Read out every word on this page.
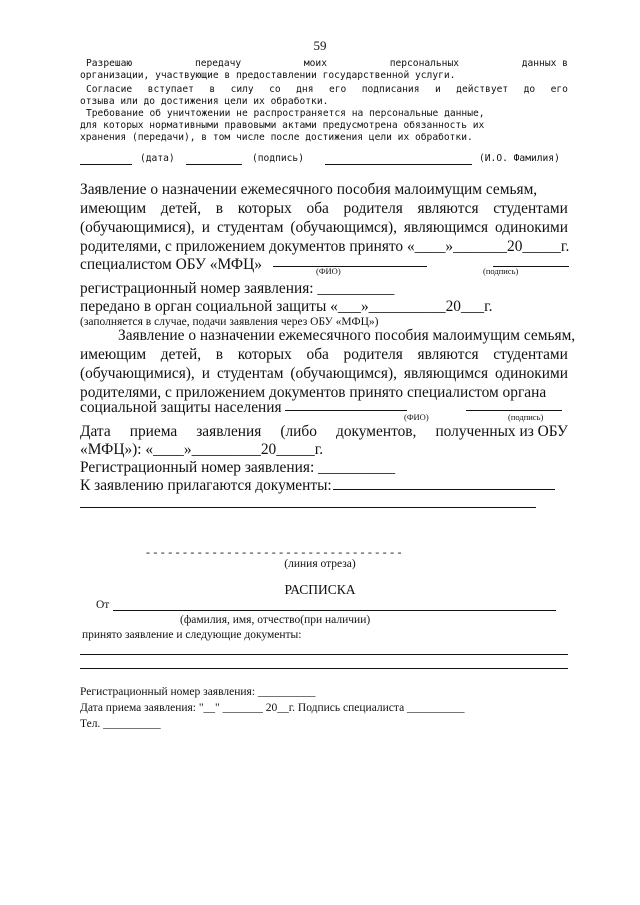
59
Разрешаю	передачу	моих	персональных	данных в
организации, участвующие в предоставлении государственной услуги.
Согласие вступает в силу со дня его подписания и действует до его
отзыва или до достижения цели их обработки.
Требование об уничтожении не распространяется на персональные данные,
для которых нормативными правовыми актами предусмотрена обязанность их
хранения (передачи), в том числе после достижения цели их обработки.
(дата)	(подпись)	(И.О. Фамилия)
Заявление о назначении ежемесячного пособия малоимущим семьям,
имеющим детей, в которых оба родителя являются студентами
(обучающимися), и студентам (обучающимся), являющимся одинокими
родителями, с приложением документов принято «____»_______20_____г.
специалистом ОБУ «МФЦ»	(ФИО)	(подпись)
регистрационный номер заявления: __________
передано в орган социальной защиты «___»__________20___г.
(заполняется в случае, подачи заявления через ОБУ «МФЦ»)
Заявление о назначении ежемесячного пособия малоимущим семьям,
имеющим детей, в которых оба родителя являются студентами
(обучающимися), и студентам (обучающимся), являющимся одинокими
родителями, с приложением документов принято специалистом органа
социальной защиты населения
(ФИО)	(подпись)
Дата приема заявления (либо документов, полученных из ОБУ
«МФЦ»): «____»_________20_____г.
Регистрационный номер заявления: __________
К заявлению прилагаются документы:
- - - - - - - - - - - - - - - - - - - - - - - - - - - - - - - - - - -
(линия отреза)
РАСПИСКА
От
(фамилия, имя, отчество(при наличии)
принято заявление и следующие документы:
Регистрационный номер заявления: __________
Дата приема заявления: "__" _______ 20__г. Подпись специалиста __________
Тел. __________
